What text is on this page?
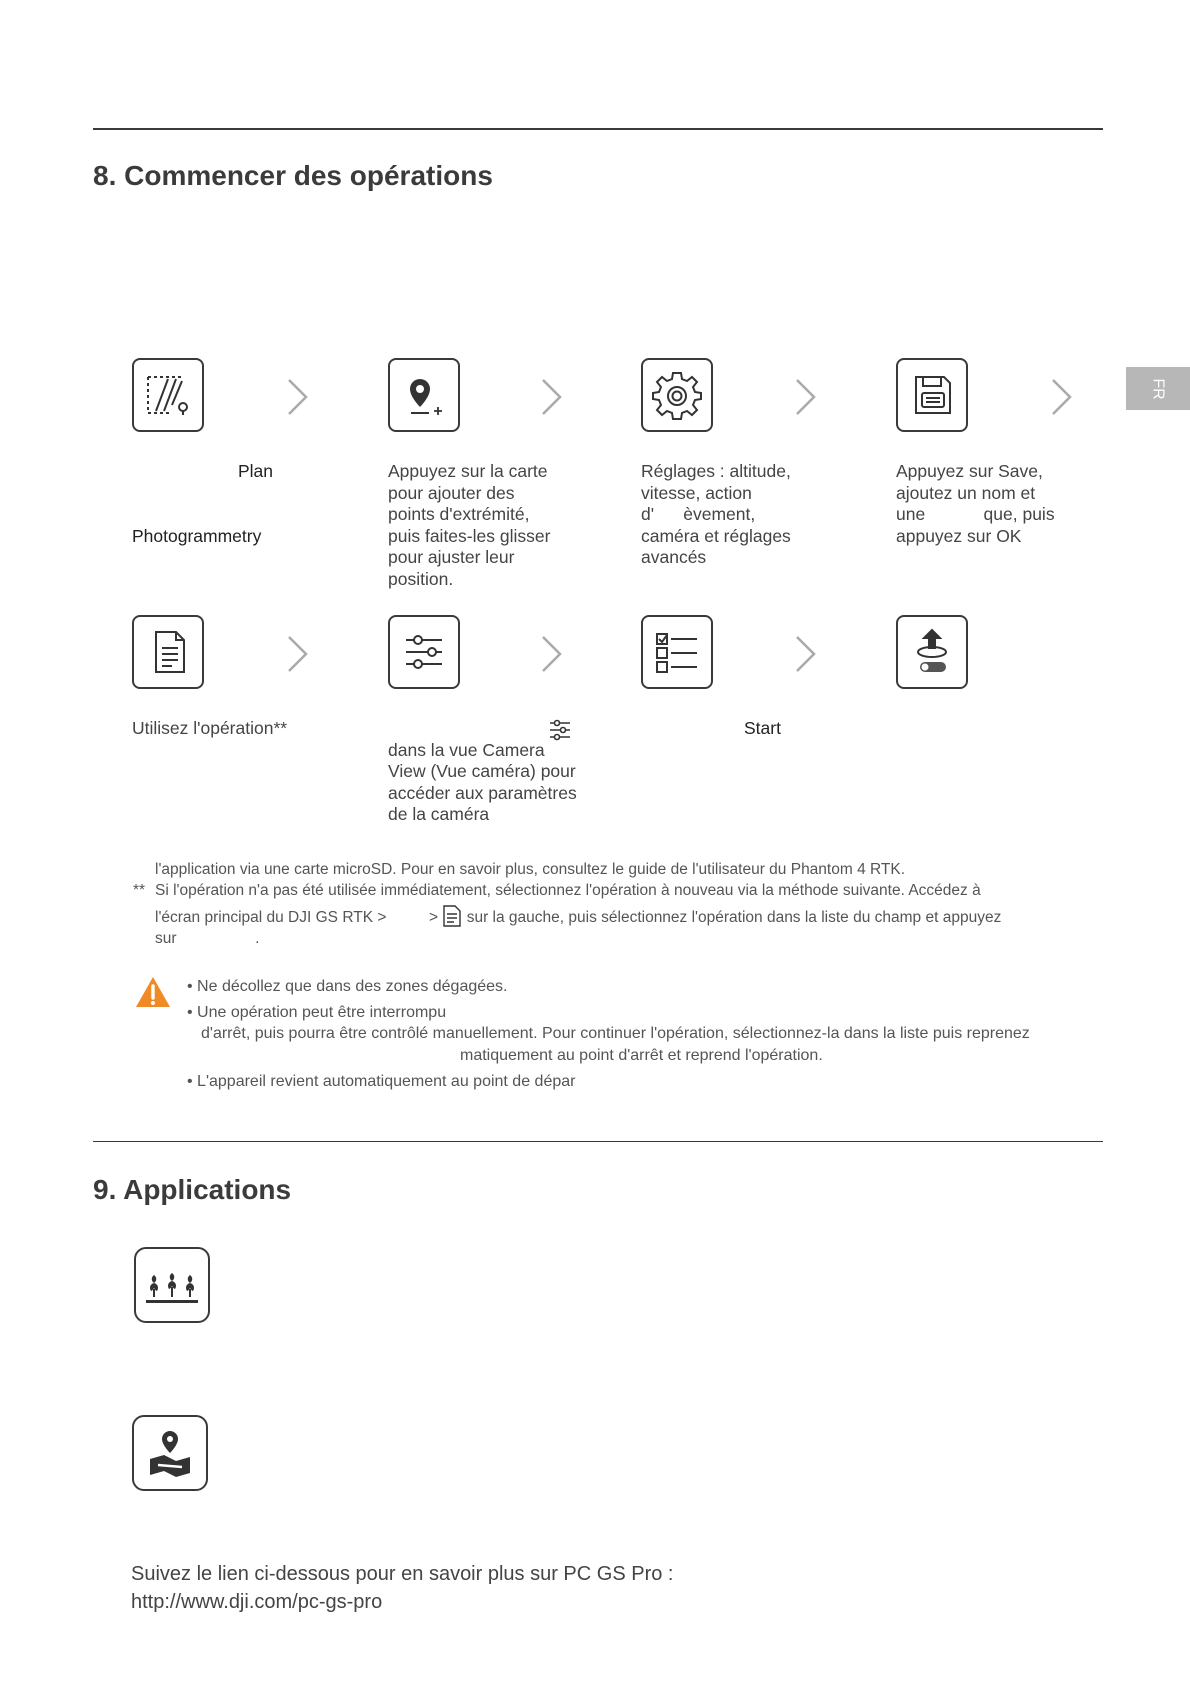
FR
8. Commencer des opérations
Plan

Photogrammetry
Appuyez sur la carte
pour ajouter des
points d'extrémité,
puis faites-les glisser
pour ajuster leur
position.
Réglages : altitude,
vitesse, action
d'      èvement,
caméra et réglages
avancés
Appuyez sur Save,
ajoutez un nom et
une            que, puis
appuyez sur OK
Utilisez l'opération**
dans la vue Camera
View (Vue caméra) pour
accéder aux paramètres
de la caméra
Start
l'application via une carte microSD. Pour en savoir plus, consultez le guide de l'utilisateur du Phantom 4 RTK.
** Si l'opération n'a pas été utilisée immédiatement, sélectionnez l'opération à nouveau via la méthode suivante. Accédez à
l'écran principal du DJI GS RTK >	> sur la gauche, puis sélectionnez l'opération dans la liste du champ et appuyez
sur	.
• Ne décollez que dans des zones dégagées.
• Une opération peut être interrompu
d'arrêt, puis pourra être contrôlé manuellement. Pour continuer l'opération, sélectionnez-la dans la liste puis reprenez
matiquement au point d'arrêt et reprend l'opération.
• L'appareil revient automatiquement au point de dépar
9. Applications
Suivez le lien ci-dessous pour en savoir plus sur PC GS Pro :
http://www.dji.com/pc-gs-pro
